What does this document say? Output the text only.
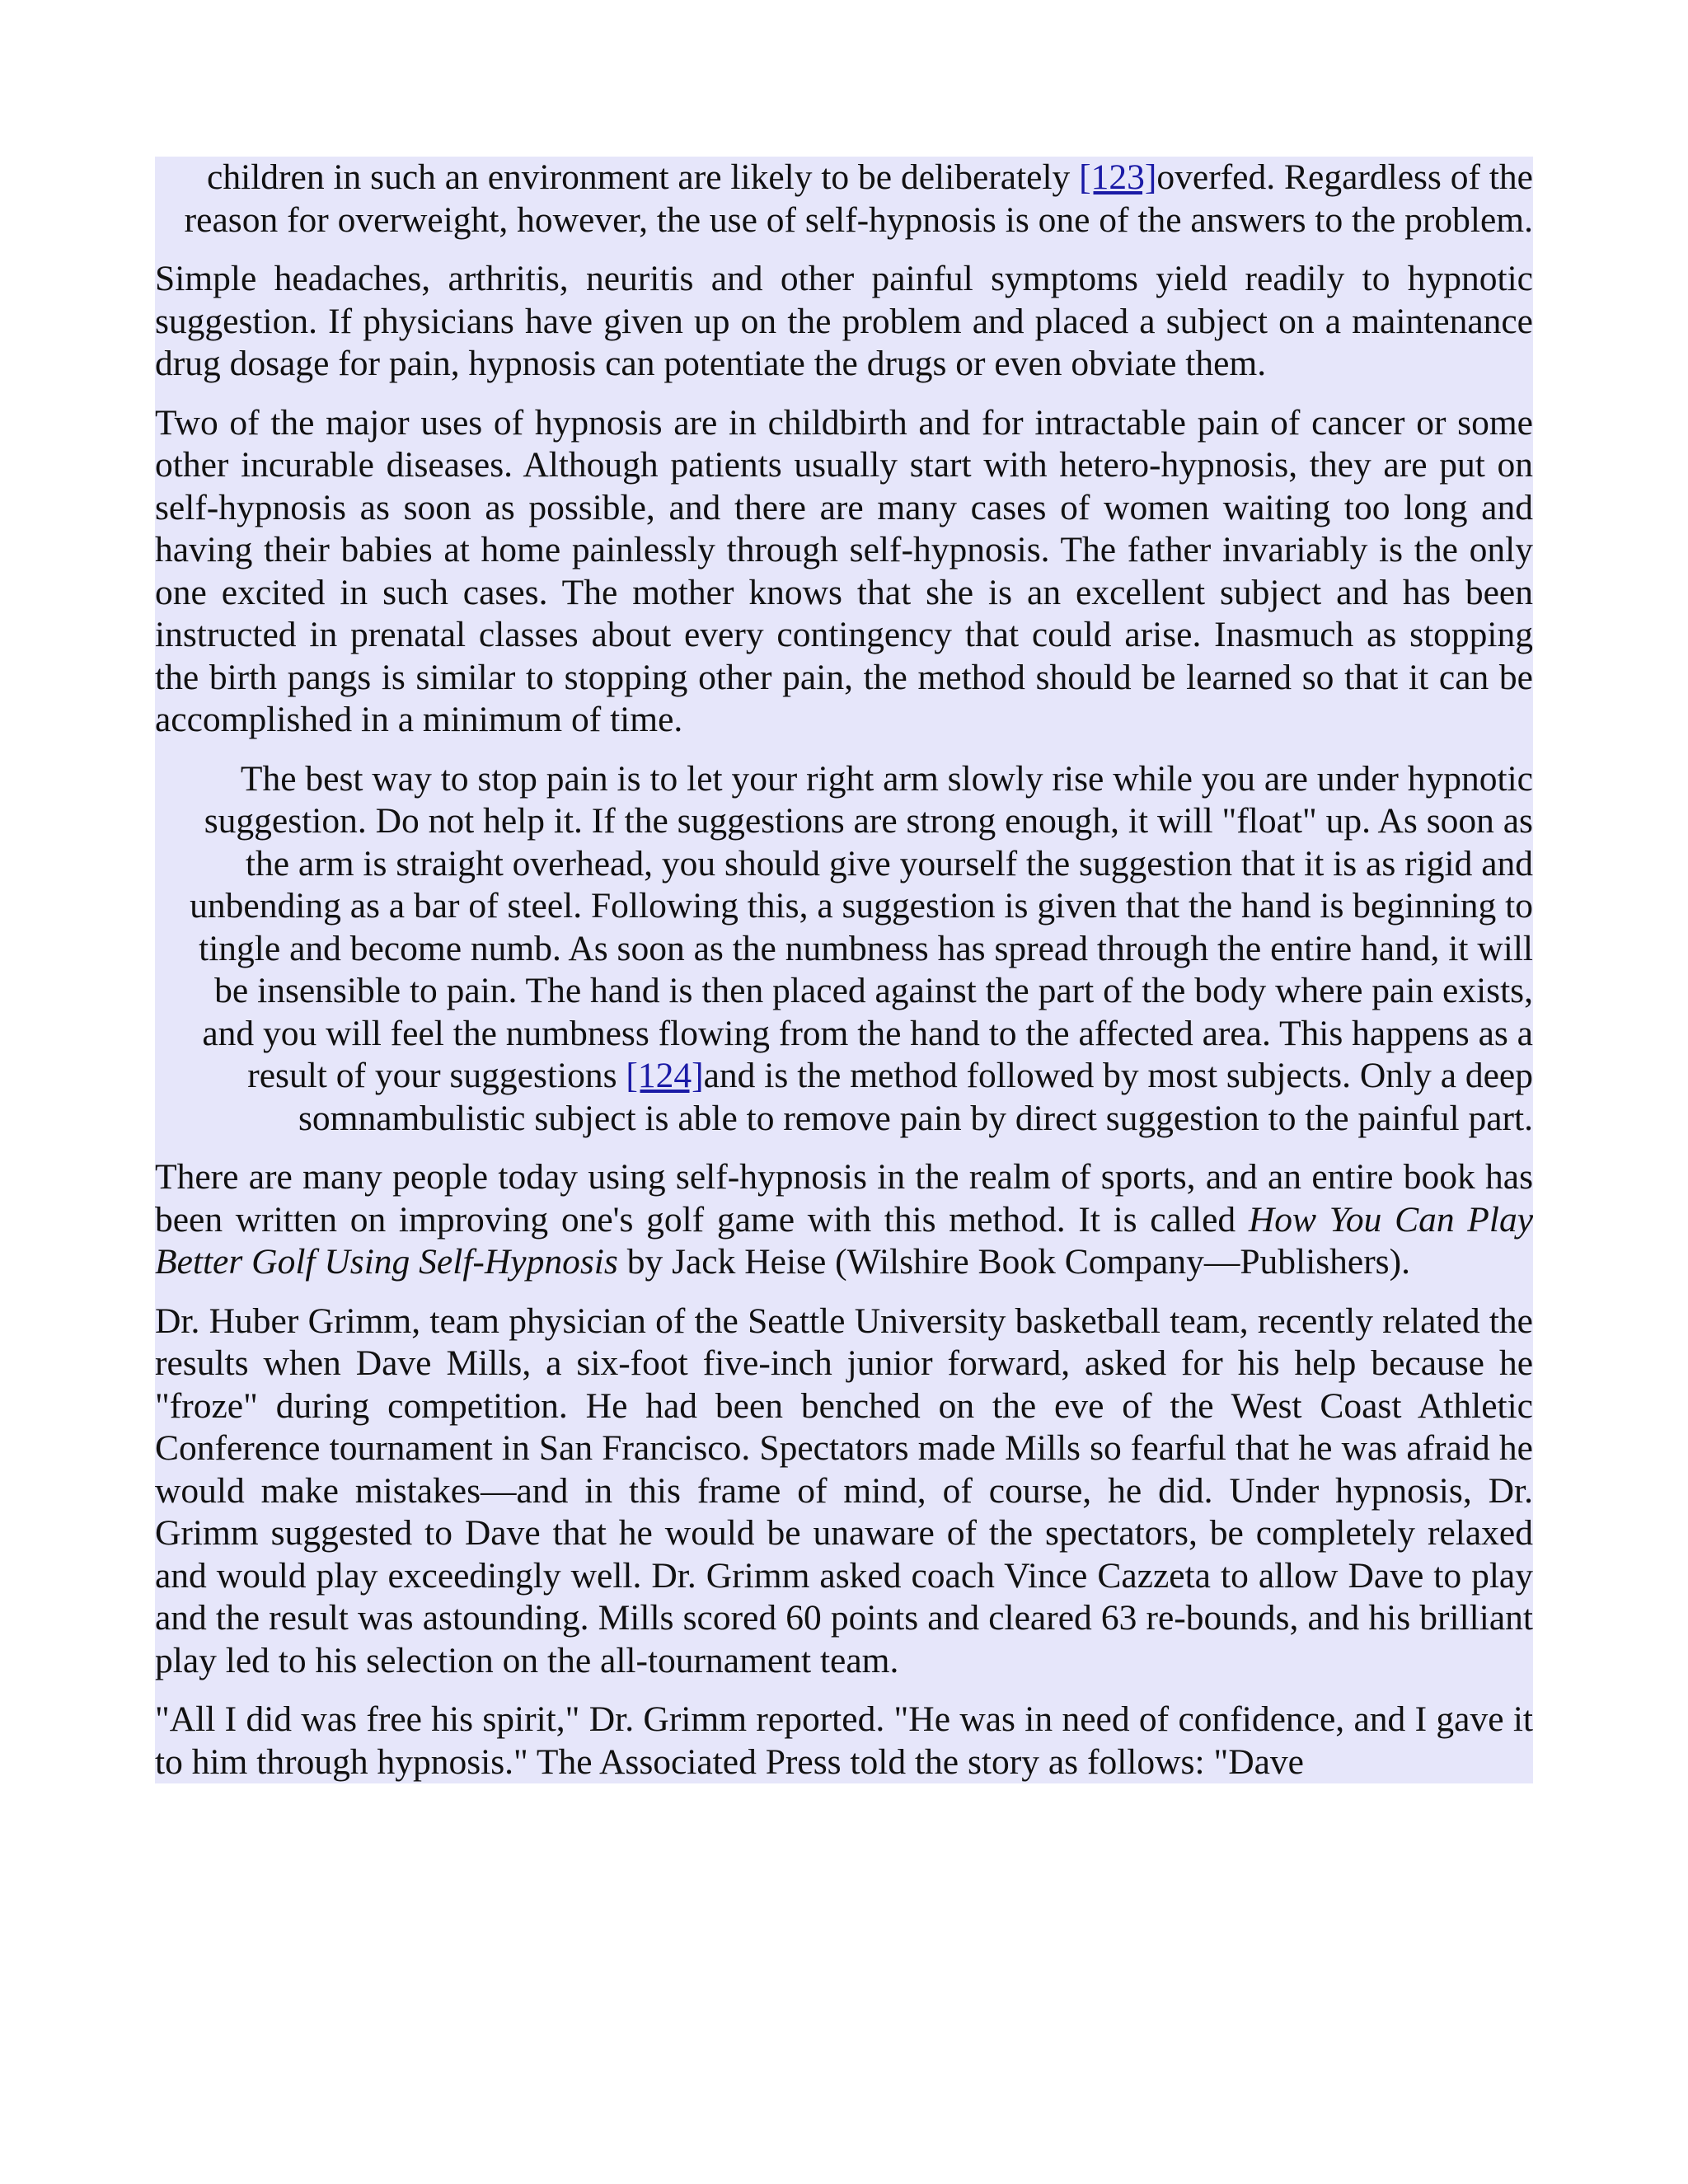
children in such an environment are likely to be deliberately [123]overfed. Regardless of the reason for overweight, however, the use of self-hypnosis is one of the answers to the problem.

Simple headaches, arthritis, neuritis and other painful symptoms yield readily to hypnotic suggestion. If physicians have given up on the problem and placed a subject on a maintenance drug dosage for pain, hypnosis can potentiate the drugs or even obviate them.

Two of the major uses of hypnosis are in childbirth and for intractable pain of cancer or some other incurable diseases. Although patients usually start with hetero-hypnosis, they are put on self-hypnosis as soon as possible, and there are many cases of women waiting too long and having their babies at home painlessly through self-hypnosis. The father invariably is the only one excited in such cases. The mother knows that she is an excellent subject and has been instructed in prenatal classes about every contingency that could arise. Inasmuch as stopping the birth pangs is similar to stopping other pain, the method should be learned so that it can be accomplished in a minimum of time.

The best way to stop pain is to let your right arm slowly rise while you are under hypnotic suggestion. Do not help it. If the suggestions are strong enough, it will "float" up. As soon as the arm is straight overhead, you should give yourself the suggestion that it is as rigid and unbending as a bar of steel. Following this, a suggestion is given that the hand is beginning to tingle and become numb. As soon as the numbness has spread through the entire hand, it will be insensible to pain. The hand is then placed against the part of the body where pain exists, and you will feel the numbness flowing from the hand to the affected area. This happens as a result of your suggestions [124]and is the method followed by most subjects. Only a deep somnambulistic subject is able to remove pain by direct suggestion to the painful part.

There are many people today using self-hypnosis in the realm of sports, and an entire book has been written on improving one's golf game with this method. It is called How You Can Play Better Golf Using Self-Hypnosis by Jack Heise (Wilshire Book Company—Publishers).

Dr. Huber Grimm, team physician of the Seattle University basketball team, recently related the results when Dave Mills, a six-foot five-inch junior forward, asked for his help because he "froze" during competition. He had been benched on the eve of the West Coast Athletic Conference tournament in San Francisco. Spectators made Mills so fearful that he was afraid he would make mistakes—and in this frame of mind, of course, he did. Under hypnosis, Dr. Grimm suggested to Dave that he would be unaware of the spectators, be completely relaxed and would play exceedingly well. Dr. Grimm asked coach Vince Cazzeta to allow Dave to play and the result was astounding. Mills scored 60 points and cleared 63 re-bounds, and his brilliant play led to his selection on the all-tournament team.

"All I did was free his spirit," Dr. Grimm reported. "He was in need of confidence, and I gave it to him through hypnosis." The Associated Press told the story as follows: "Dave
